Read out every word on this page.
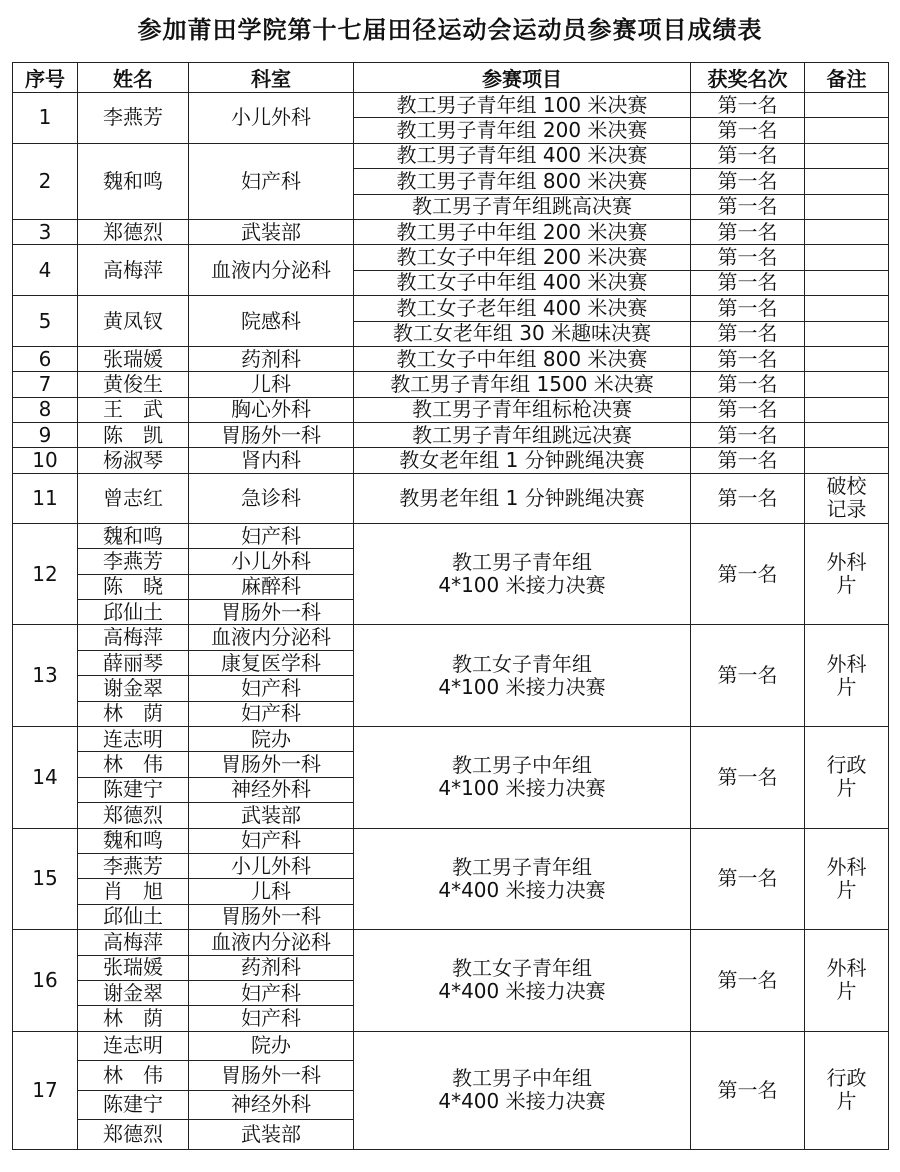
参加莆田学院第十七届田径运动会运动员参赛项目成绩表
序号	姓名	科室	参赛项目	获奖名次	备注
1	李燕芳	小儿外科	教工男子青年组 100 米决赛	第一名	
			教工男子青年组 200 米决赛	第一名	
2	魏和鸣	妇产科	教工男子青年组 400 米决赛	第一名	
			教工男子青年组 800 米决赛	第一名	
			教工男子青年组跳高决赛	第一名	
3	郑德烈	武装部	教工男子中年组 200 米决赛	第一名	
4	高梅萍	血液内分泌科	教工女子中年组 200 米决赛	第一名	
			教工女子中年组 400 米决赛	第一名	
5	黄凤钗	院感科	教工女子老年组 400 米决赛	第一名	
			教工女老年组 30 米趣味决赛	第一名	
6	张瑞媛	药剂科	教工女子中年组 800 米决赛	第一名	
7	黄俊生	儿科	教工男子青年组 1500 米决赛	第一名	
8	王　武	胸心外科	教工男子青年组标枪决赛	第一名	
9	陈　凯	胃肠外一科	教工男子青年组跳远决赛	第一名	
10	杨淑琴	肾内科	教女老年组 1 分钟跳绳决赛	第一名	
11	曾志红	急诊科	教男老年组 1 分钟跳绳决赛	第一名	破校记录
12	魏和鸣	妇产科	教工男子青年组 4*100 米接力决赛	第一名	外科片
	李燕芳	小儿外科			
	陈　晓	麻醉科			
	邱仙土	胃肠外一科			
13	高梅萍	血液内分泌科	教工女子青年组 4*100 米接力决赛	第一名	外科片
	薛丽琴	康复医学科			
	谢金翠	妇产科			
	林　荫	妇产科			
14	连志明	院办	教工男子中年组 4*100 米接力决赛	第一名	行政片
	林　伟	胃肠外一科			
	陈建宁	神经外科			
	郑德烈	武装部			
15	魏和鸣	妇产科	教工男子青年组 4*400 米接力决赛	第一名	外科片
	李燕芳	小儿外科			
	肖　旭	儿科			
	邱仙土	胃肠外一科			
16	高梅萍	血液内分泌科	教工女子青年组 4*400 米接力决赛	第一名	外科片
	张瑞媛	药剂科			
	谢金翠	妇产科			
	林　荫	妇产科			
17	连志明	院办	教工男子中年组 4*400 米接力决赛	第一名	行政片
	林　伟	胃肠外一科			
	陈建宁	神经外科			
	郑德烈	武装部			
